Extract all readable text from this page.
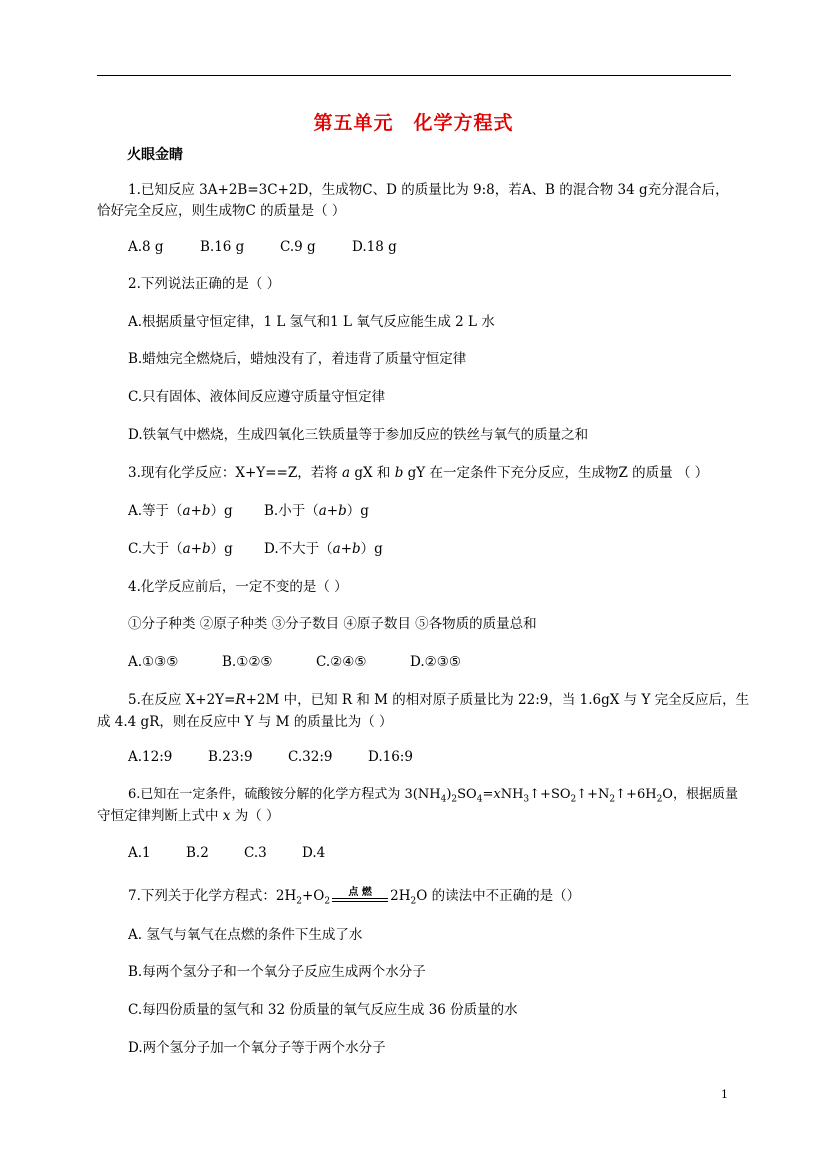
第五单元　化学方程式
火眼金睛
1.已知反应 3A+2B=3C+2D，生成物C、D 的质量比为 9:8，若A、B 的混合物 34 g充分混合后，
恰好完全反应，则生成物C 的质量是（ ）
A.8 g	B.16 g	C.9 g	D.18 g
2.下列说法正确的是（ ）
A.根据质量守恒定律，1 L 氢气和1 L 氧气反应能生成 2 L 水
B.蜡烛完全燃烧后，蜡烛没有了，着违背了质量守恒定律
C.只有固体、液体间反应遵守质量守恒定律
D.铁氧气中燃烧，生成四氧化三铁质量等于参加反应的铁丝与氧气的质量之和
3.现有化学反应：X+Y==Z，若将 a gX 和 b gY 在一定条件下充分反应，生成物Z 的质量 （ ）
A.等于（a+b）g B.小于（a+b）g
C.大于（a+b）g D.不大于（a+b）g
4.化学反应前后，一定不变的是（ ）
①分子种类 ②原子种类 ③分子数目 ④原子数目 ⑤各物质的质量总和
A.①③⑤	B.①②⑤	C.②④⑤	D.②③⑤
5.在反应 X+2Y=R+2M 中，已知 R 和 M 的相对原子质量比为 22:9，当 1.6gX 与 Y 完全反应后，生
成 4.4 gR，则在反应中 Y 与 M 的质量比为（ ）
A.12:9	B.23:9	C.32:9	D.16:9
6.已知在一定条件，硫酸铵分解的化学方程式为 $3(NH_4)_2SO_4=xNH_3↑+SO_2↑+N_2↑+6H_2O$，根据质量
守恒定律判断上式中 x 为（ ）
A.1	B.2	C.3	D.4
7.下列关于化学方程式：$2H_2+O_2$
点 燃	$2H_2O$ 的读法中不正确的是（）
A. 氢气与氧气在点燃的条件下生成了水
B.每两个氢分子和一个氧分子反应生成两个水分子
C.每四份质量的氢气和 32 份质量的氧气反应生成 36 份质量的水
D.两个氢分子加一个氧分子等于两个水分子
1
